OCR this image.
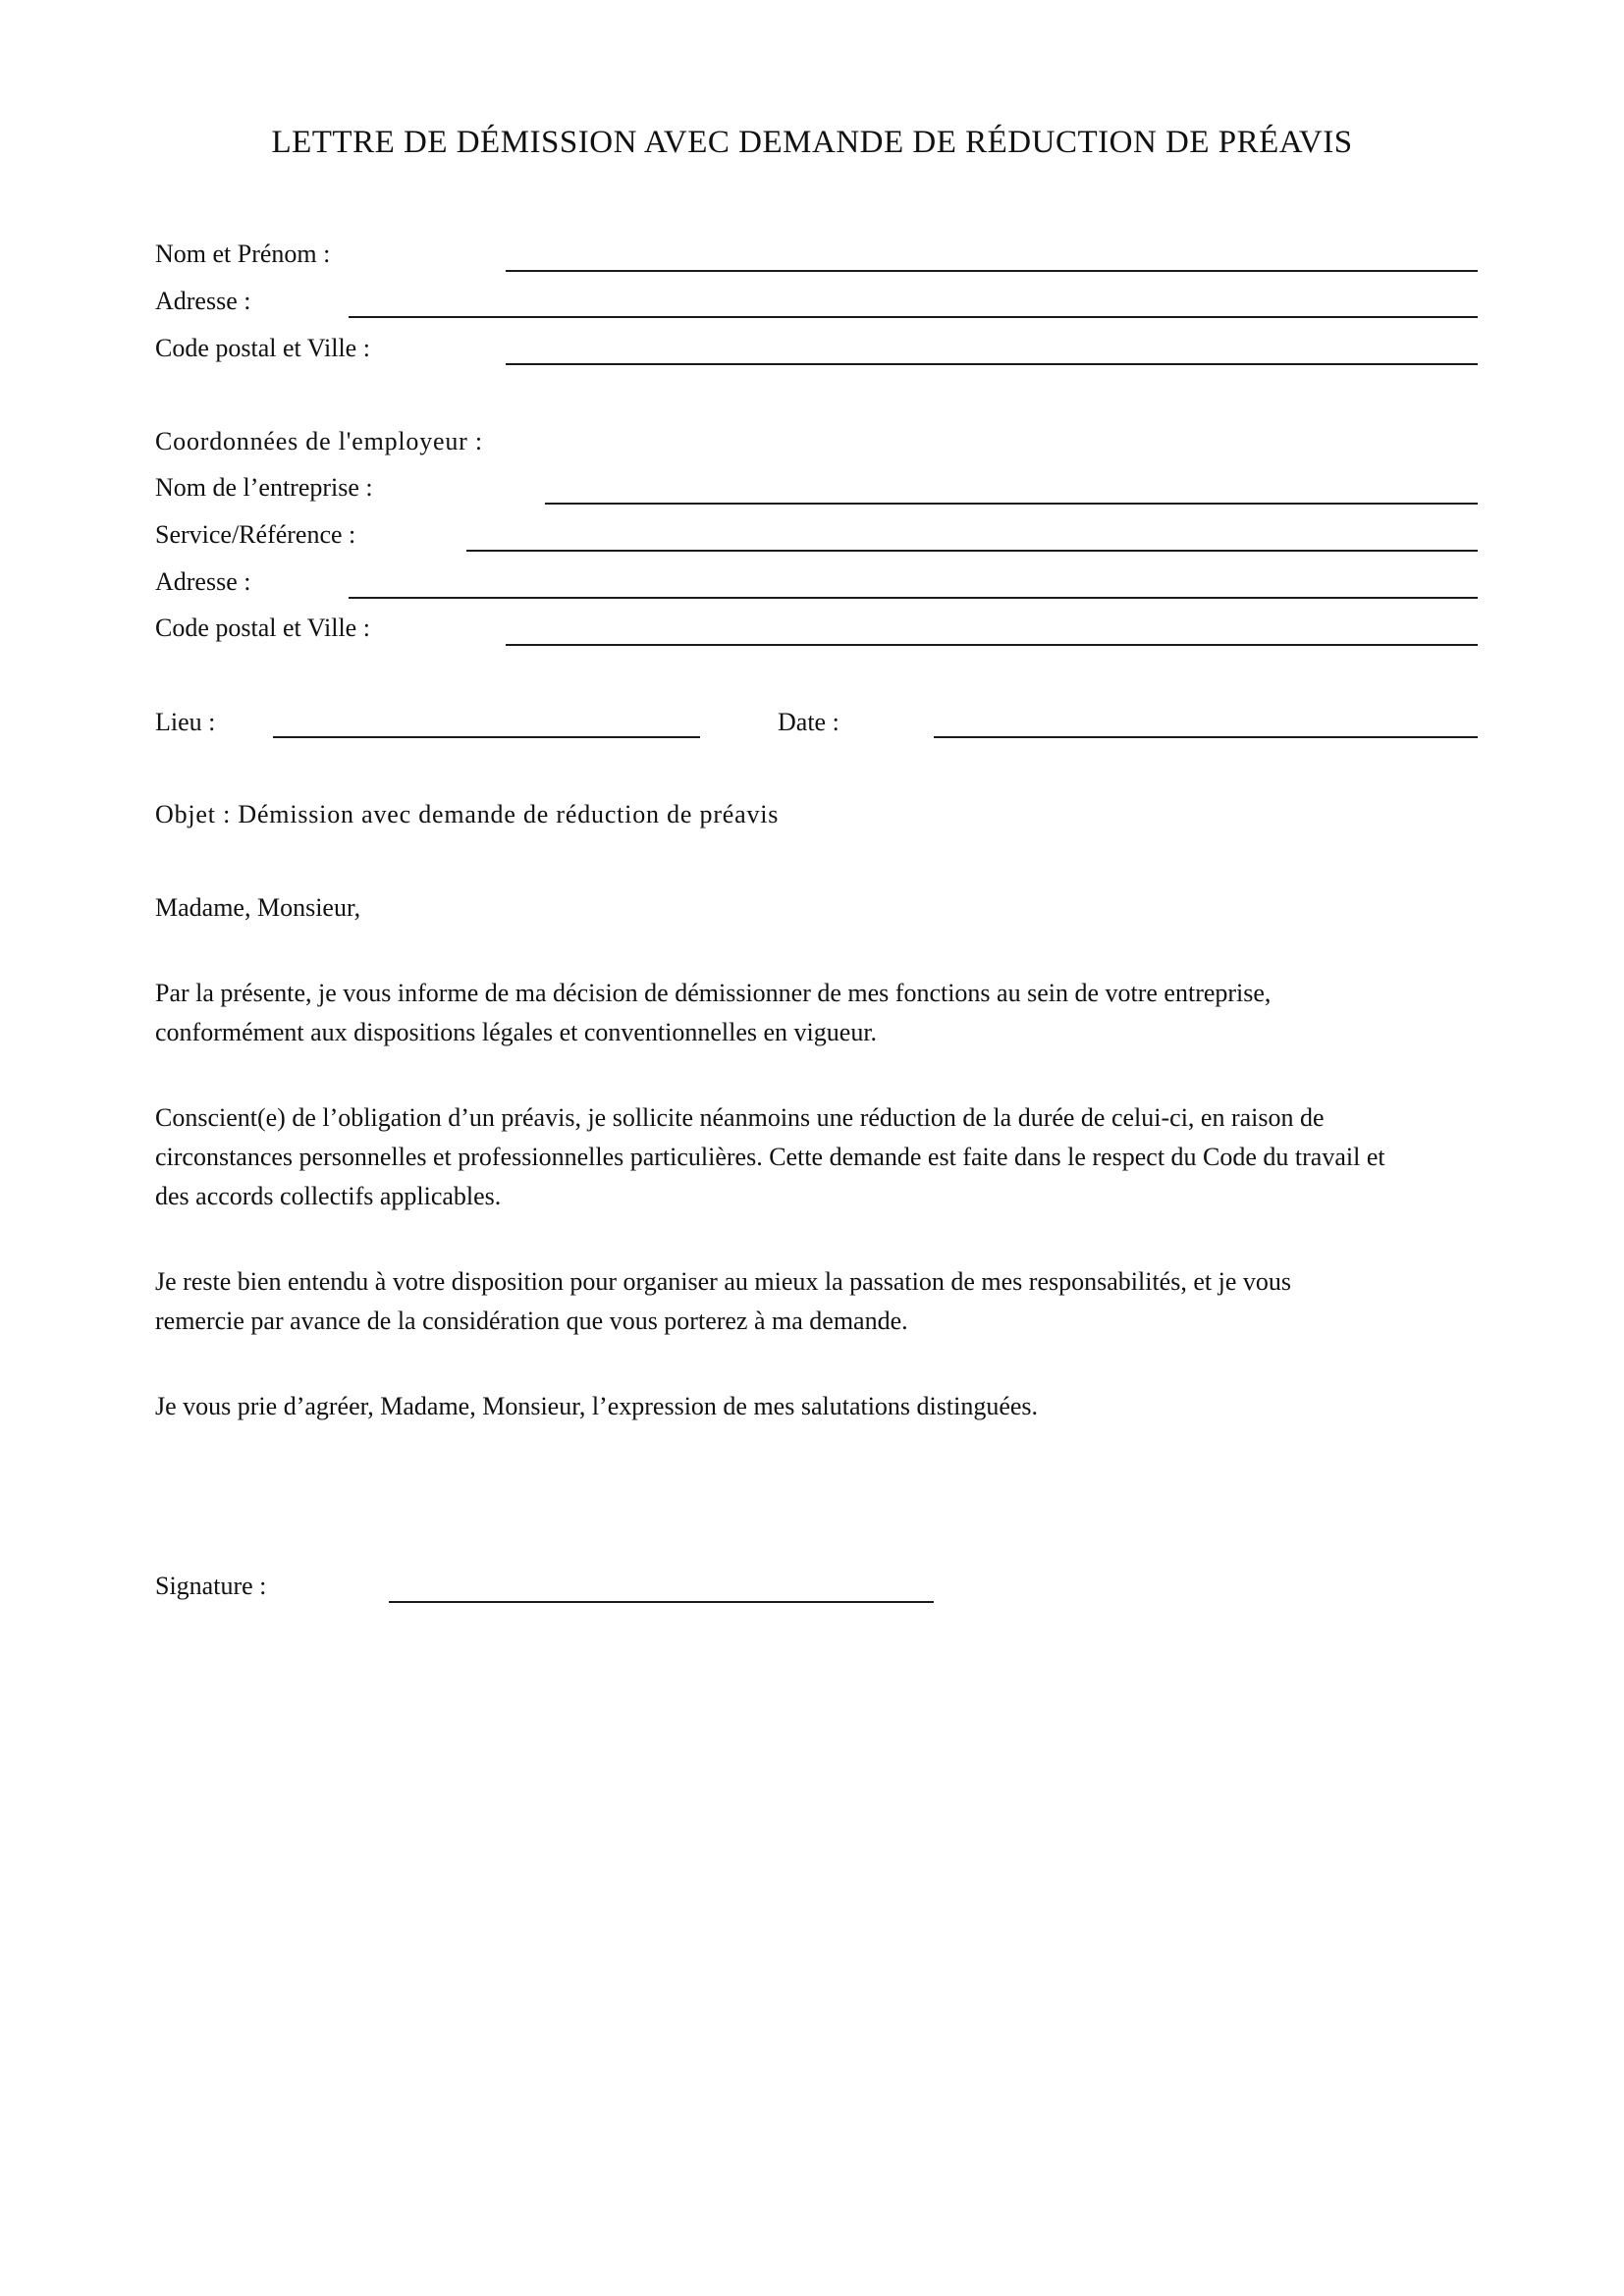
LETTRE DE DÉMISSION AVEC DEMANDE DE RÉDUCTION DE PRÉAVIS
Nom et Prénom :
Adresse :
Code postal et Ville :
Coordonnées de l'employeur :
Nom de l’entreprise :
Service/Référence :
Adresse :
Code postal et Ville :
Lieu :	Date :
Objet : Démission avec demande de réduction de préavis
Madame, Monsieur,
Par la présente, je vous informe de ma décision de démissionner de mes fonctions au sein de votre entreprise,
conformément aux dispositions légales et conventionnelles en vigueur.
Conscient(e) de l’obligation d’un préavis, je sollicite néanmoins une réduction de la durée de celui-ci, en raison de
circonstances personnelles et professionnelles particulières. Cette demande est faite dans le respect du Code du travail et
des accords collectifs applicables.
Je reste bien entendu à votre disposition pour organiser au mieux la passation de mes responsabilités, et je vous
remercie par avance de la considération que vous porterez à ma demande.
Je vous prie d’agréer, Madame, Monsieur, l’expression de mes salutations distinguées.
Signature :
